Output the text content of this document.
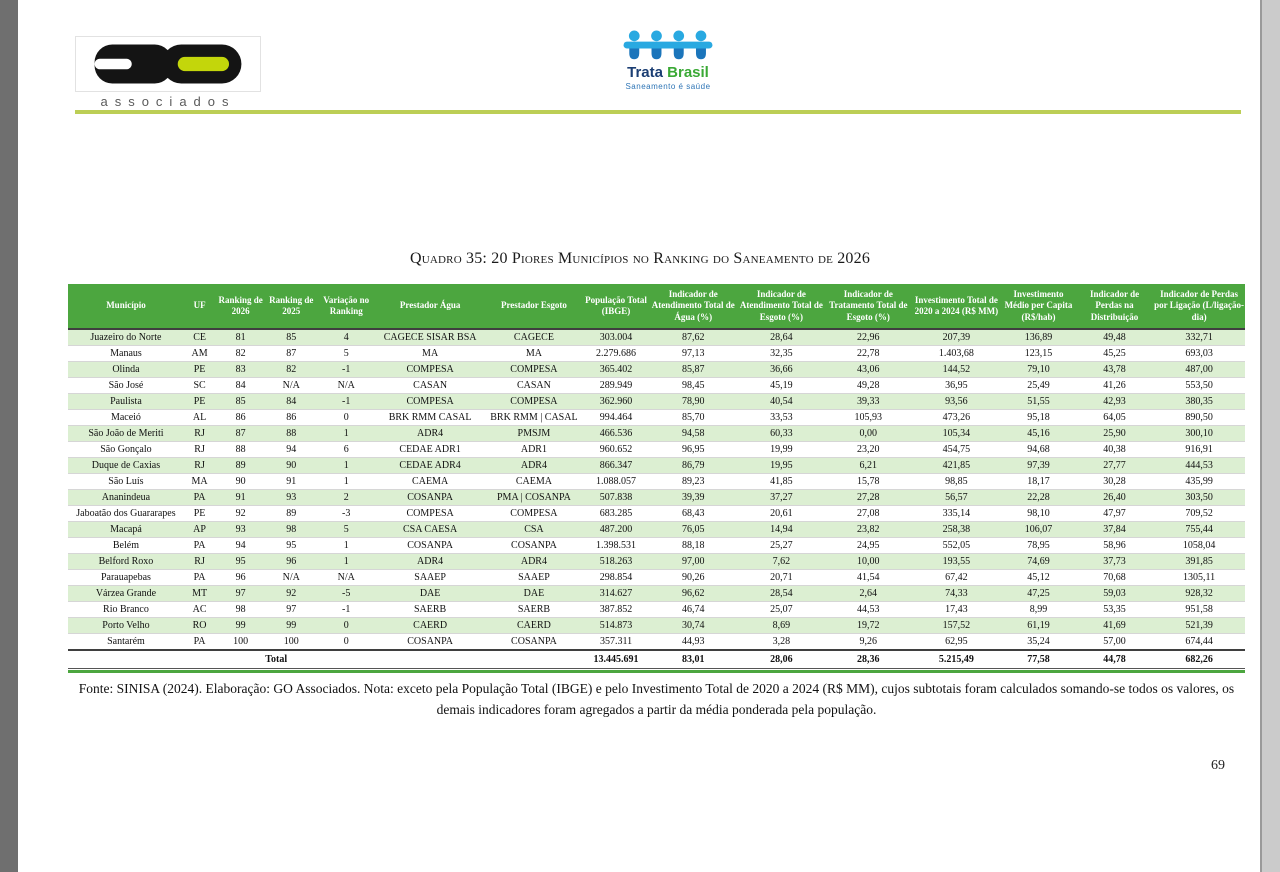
associados
Trata Brasil
Saneamento é saúde
Quadro 35: 20 Piores Municípios no Ranking do Saneamento de 2026
Município	UF	Ranking de 2026	Ranking de 2025	Variação no Ranking	Prestador Água	Prestador Esgoto	População Total (IBGE)	Indicador de Atendimento Total de Água (%)	Indicador de Atendimento Total de Esgoto (%)	Indicador de Tratamento Total de Esgoto (%)	Investimento Total de 2020 a 2024 (R$ MM)	Investimento Médio per Capita (R$/hab)	Indicador de Perdas na Distribuição	Indicador de Perdas por Ligação (L/ligação-dia)
Juazeiro do Norte	CE	81	85	4	CAGECE SISAR BSA	CAGECE	303.004	87,62	28,64	22,96	207,39	136,89	49,48	332,71
Manaus	AM	82	87	5	MA	MA	2.279.686	97,13	32,35	22,78	1.403,68	123,15	45,25	693,03
Olinda	PE	83	82	-1	COMPESA	COMPESA	365.402	85,87	36,66	43,06	144,52	79,10	43,78	487,00
São José	SC	84	N/A	N/A	CASAN	CASAN	289.949	98,45	45,19	49,28	36,95	25,49	41,26	553,50
Paulista	PE	85	84	-1	COMPESA	COMPESA	362.960	78,90	40,54	39,33	93,56	51,55	42,93	380,35
Maceió	AL	86	86	0	BRK RMM CASAL	BRK RMM | CASAL	994.464	85,70	33,53	105,93	473,26	95,18	64,05	890,50
São João de Meriti	RJ	87	88	1	ADR4	PMSJM	466.536	94,58	60,33	0,00	105,34	45,16	25,90	300,10
São Gonçalo	RJ	88	94	6	CEDAE ADR1	ADR1	960.652	96,95	19,99	23,20	454,75	94,68	40,38	916,91
Duque de Caxias	RJ	89	90	1	CEDAE ADR4	ADR4	866.347	86,79	19,95	6,21	421,85	97,39	27,77	444,53
São Luís	MA	90	91	1	CAEMA	CAEMA	1.088.057	89,23	41,85	15,78	98,85	18,17	30,28	435,99
Ananindeua	PA	91	93	2	COSANPA	PMA | COSANPA	507.838	39,39	37,27	27,28	56,57	22,28	26,40	303,50
Jaboatão dos Guararapes	PE	92	89	-3	COMPESA	COMPESA	683.285	68,43	20,61	27,08	335,14	98,10	47,97	709,52
Macapá	AP	93	98	5	CSA CAESA	CSA	487.200	76,05	14,94	23,82	258,38	106,07	37,84	755,44
Belém	PA	94	95	1	COSANPA	COSANPA	1.398.531	88,18	25,27	24,95	552,05	78,95	58,96	1058,04
Belford Roxo	RJ	95	96	1	ADR4	ADR4	518.263	97,00	7,62	10,00	193,55	74,69	37,73	391,85
Parauapebas	PA	96	N/A	N/A	SAAEP	SAAEP	298.854	90,26	20,71	41,54	67,42	45,12	70,68	1305,11
Várzea Grande	MT	97	92	-5	DAE	DAE	314.627	96,62	28,54	2,64	74,33	47,25	59,03	928,32
Rio Branco	AC	98	97	-1	SAERB	SAERB	387.852	46,74	25,07	44,53	17,43	8,99	53,35	951,58
Porto Velho	RO	99	99	0	CAERD	CAERD	514.873	30,74	8,69	19,72	157,52	61,19	41,69	521,39
Santarém	PA	100	100	0	COSANPA	COSANPA	357.311	44,93	3,28	9,26	62,95	35,24	57,00	674,44
Total							13.445.691	83,01	28,06	28,36	5.215,49	77,58	44,78	682,26
Fonte: SINISA (2024). Elaboração: GO Associados. Nota: exceto pela População Total (IBGE) e pelo Investimento Total de 2020 a 2024 (R$ MM), cujos subtotais foram calculados somando-se todos os valores, os demais indicadores foram agregados a partir da média ponderada pela população.
69
